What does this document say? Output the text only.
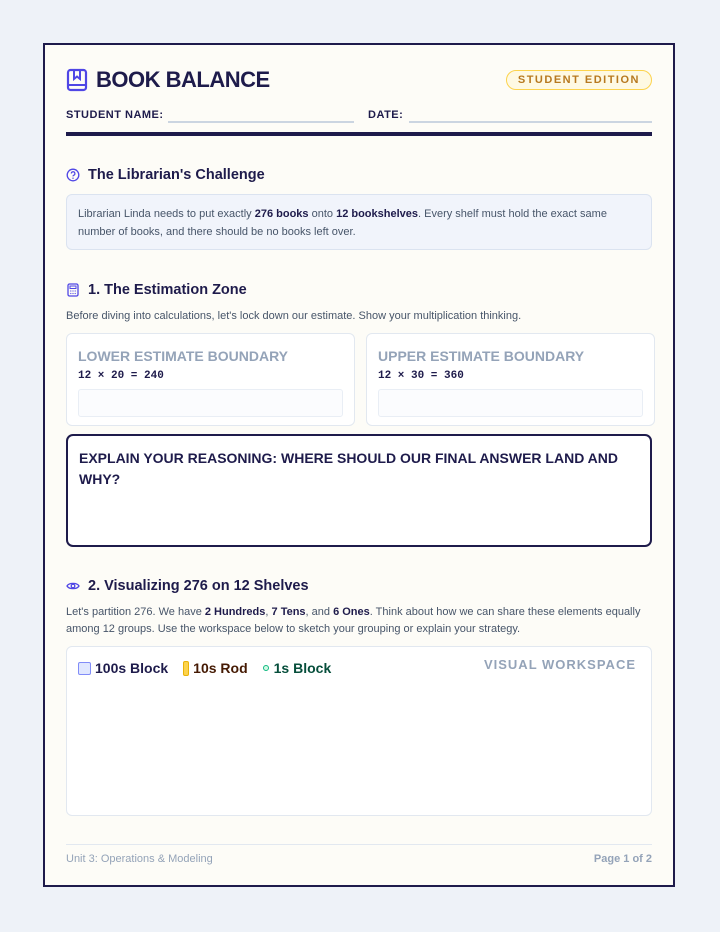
BOOK BALANCE	STUDENT EDITION
STUDENT NAME:	DATE:
The Librarian's Challenge
Librarian Linda needs to put exactly 276 books onto 12 bookshelves. Every shelf must hold the exact same number of books, and there should be no books left over.
1. The Estimation Zone
Before diving into calculations, let's lock down our estimate. Show your multiplication thinking.
LOWER ESTIMATE BOUNDARY
12 × 20 = 240
UPPER ESTIMATE BOUNDARY
12 × 30 = 360
EXPLAIN YOUR REASONING: WHERE SHOULD OUR FINAL ANSWER LAND AND WHY?
2. Visualizing 276 on 12 Shelves
Let's partition 276. We have 2 Hundreds, 7 Tens, and 6 Ones. Think about how we can share these elements equally among 12 groups. Use the workspace below to sketch your grouping or explain your strategy.
100s Block 10s Rod 1s Block	VISUAL WORKSPACE
Unit 3: Operations & Modeling	Page 1 of 2
